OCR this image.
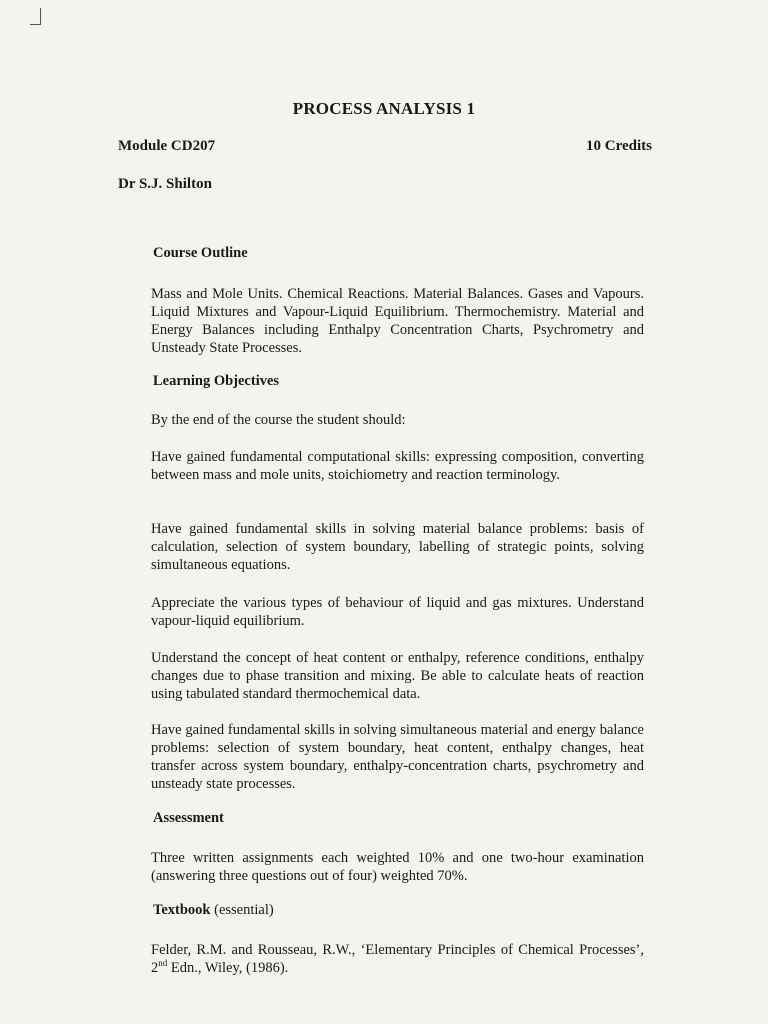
PROCESS ANALYSIS 1
Module CD207	10 Credits
Dr S.J. Shilton
Course Outline

Mass and Mole Units. Chemical Reactions. Material Balances. Gases and Vapours. Liquid Mixtures and Vapour-Liquid Equilibrium. Thermochemistry. Material and Energy Balances including Enthalpy Concentration Charts, Psychrometry and Unsteady State Processes.

Learning Objectives

By the end of the course the student should:

Have gained fundamental computational skills: expressing composition, converting between mass and mole units, stoichiometry and reaction terminology.

Have gained fundamental skills in solving material balance problems: basis of calculation, selection of system boundary, labelling of strategic points, solving simultaneous equations.

Appreciate the various types of behaviour of liquid and gas mixtures. Understand vapour-liquid equilibrium.

Understand the concept of heat content or enthalpy, reference conditions, enthalpy changes due to phase transition and mixing. Be able to calculate heats of reaction using tabulated standard thermochemical data.

Have gained fundamental skills in solving simultaneous material and energy balance problems: selection of system boundary, heat content, enthalpy changes, heat transfer across system boundary, enthalpy-concentration charts, psychrometry and unsteady state processes.

Assessment

Three written assignments each weighted 10% and one two-hour examination (answering three questions out of four) weighted 70%.

Textbook (essential)

Felder, R.M. and Rousseau, R.W., ‘Elementary Principles of Chemical Processes’, 2nd Edn., Wiley, (1986).
